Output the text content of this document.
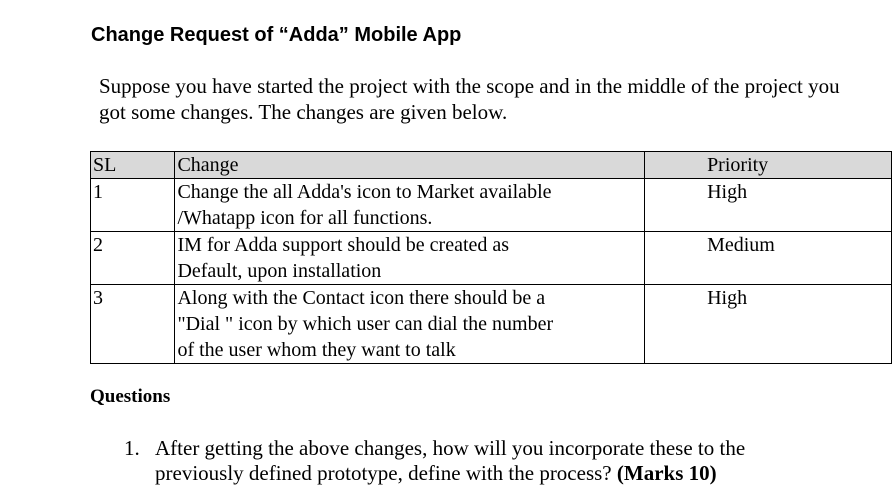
Change Request of “Adda” Mobile App
Suppose you have started the project with the scope and in the middle of the project you
got some changes. The changes are given below.
SL	Change	Priority
1	Change the all Adda's icon to Market available
/Whatapp icon for all functions.	High
2	IM for Adda support should be created as
Default, upon installation	Medium
3	Along with the Contact icon there should be a
"Dial " icon by which user can dial the number
of the user whom they want to talk	High
Questions
1. After getting the above changes, how will you incorporate these to the
previously defined prototype, define with the process? (Marks 10)
